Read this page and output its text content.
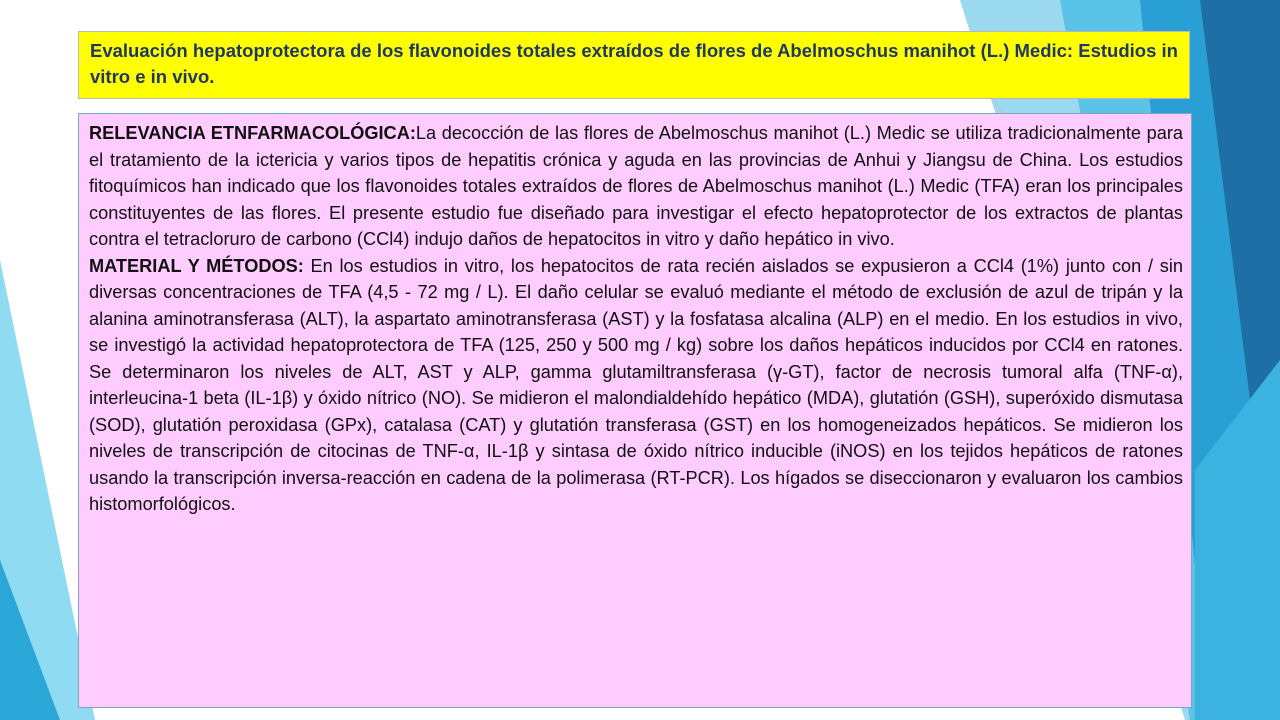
Evaluación hepatoprotectora de los flavonoides totales extraídos de flores de Abelmoschus manihot (L.) Medic: Estudios in vitro e in vivo.

RELEVANCIA ETNFARMACOLÓGICA:La decocción de las flores de Abelmoschus manihot (L.) Medic se utiliza tradicionalmente para el tratamiento de la ictericia y varios tipos de hepatitis crónica y aguda en las provincias de Anhui y Jiangsu de China. Los estudios fitoquímicos han indicado que los flavonoides totales extraídos de flores de Abelmoschus manihot (L.) Medic (TFA) eran los principales constituyentes de las flores. El presente estudio fue diseñado para investigar el efecto hepatoprotector de los extractos de plantas contra el tetracloruro de carbono (CCl4) indujo daños de hepatocitos in vitro y daño hepático in vivo.

MATERIAL Y MÉTODOS: En los estudios in vitro, los hepatocitos de rata recién aislados se expusieron a CCl4 (1%) junto con / sin diversas concentraciones de TFA (4,5 - 72 mg / L). El daño celular se evaluó mediante el método de exclusión de azul de tripán y la alanina aminotransferasa (ALT), la aspartato aminotransferasa (AST) y la fosfatasa alcalina (ALP) en el medio. En los estudios in vivo, se investigó la actividad hepatoprotectora de TFA (125, 250 y 500 mg / kg) sobre los daños hepáticos inducidos por CCl4 en ratones. Se determinaron los niveles de ALT, AST y ALP, gamma glutamiltransferasa (γ-GT), factor de necrosis tumoral alfa (TNF-α), interleucina-1 beta (IL-1β) y óxido nítrico (NO). Se midieron el malondialdehído hepático (MDA), glutatión (GSH), superóxido dismutasa (SOD), glutatión peroxidasa (GPx), catalasa (CAT) y glutatión transferasa (GST) en los homogeneizados hepáticos. Se midieron los niveles de transcripción de citocinas de TNF-α, IL-1β y sintasa de óxido nítrico inducible (iNOS) en los tejidos hepáticos de ratones usando la transcripción inversa-reacción en cadena de la polimerasa (RT-PCR). Los hígados se diseccionaron y evaluaron los cambios histomorfológicos.
